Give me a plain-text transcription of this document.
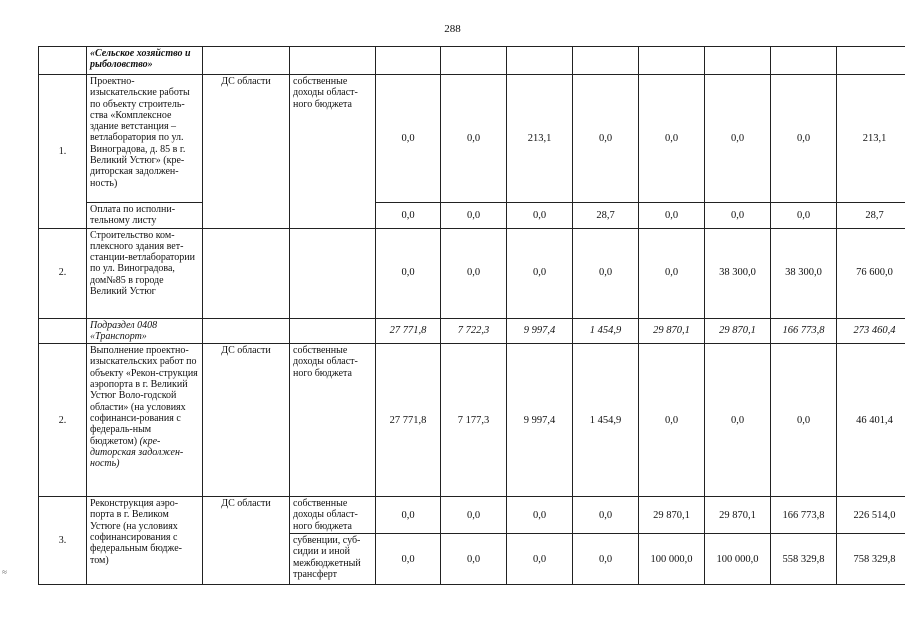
288
≈
	«Сельское хозяйство и рыболовство»										
1.	Проектно-изыскательские работы по объекту строитель-ства «Комплексное здание ветстанция – ветлаборатория по ул. Виноградова, д. 85 в г. Великий Устюг» (кре-диторская задолжен-ность)	ДС области	собственные доходы област-ного бюджета	0,0	0,0	213,1	0,0	0,0	0,0	0,0	213,1
	Оплата по исполни-тельному листу			0,0	0,0	0,0	28,7	0,0	0,0	0,0	28,7
2.	Строительство ком-плексного здания вет-станции-ветлаборатории по ул. Виноградова, дом№85 в городе Великий Устюг			0,0	0,0	0,0	0,0	0,0	38 300,0	38 300,0	76 600,0
	Подраздел 0408 «Транспорт»			27 771,8	7 722,3	9 997,4	1 454,9	29 870,1	29 870,1	166 773,8	273 460,4
2.	Выполнение проектно-изыскательских работ по объекту «Рекон-струкция аэропорта в г. Великий Устюг Воло-годской области» (на условиях софинанси-рования с федераль-ным бюджетом) (кре-диторская задолжен-ность)	ДС области	собственные доходы област-ного бюджета	27 771,8	7 177,3	9 997,4	1 454,9	0,0	0,0	0,0	46 401,4
3.	Реконструкция аэро-порта в г. Великом Устюге (на условиях софинансирования с федеральным бюдже-том)	ДС области	собственные доходы област-ного бюджета	0,0	0,0	0,0	0,0	29 870,1	29 870,1	166 773,8	226 514,0
			субвенции, суб-сидии и иной межбюджетный трансферт	0,0	0,0	0,0	0,0	100 000,0	100 000,0	558 329,8	758 329,8
